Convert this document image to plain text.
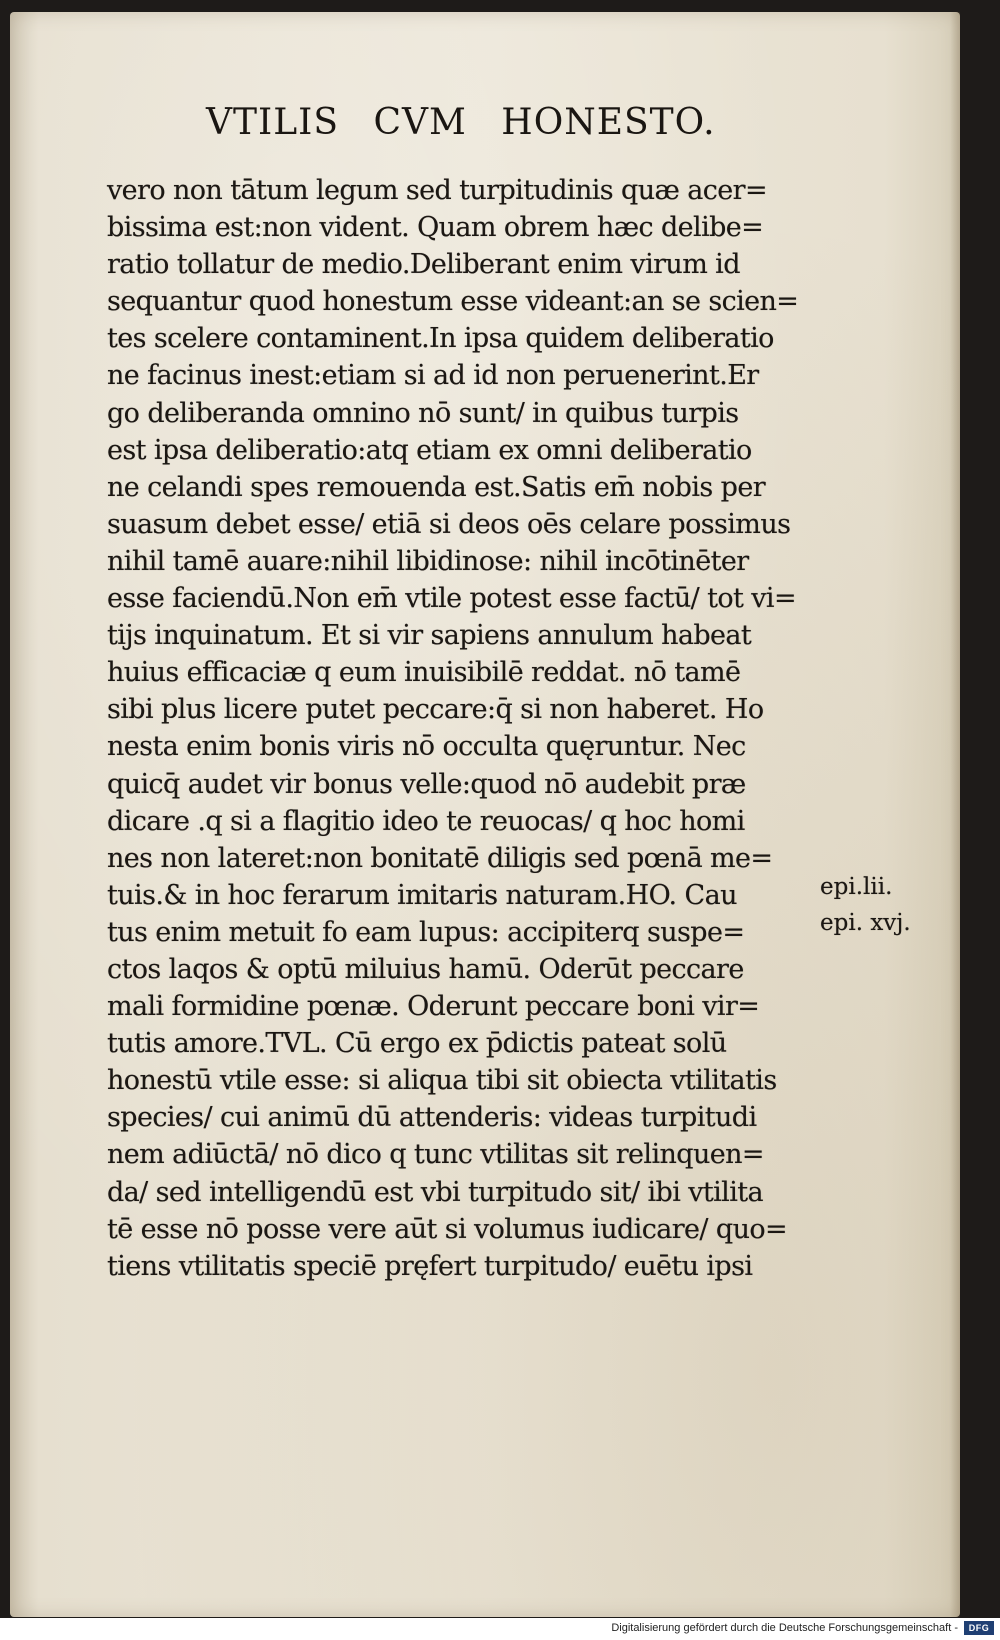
VTILIS CVM HONESTO.
vero non tātum legum sed turpitudinis quæ acer=
bissima est:non vident. Quam obrem hæc delibe=
ratio tollatur de medio.Deliberant enim virum id
sequantur quod honestum esse videant:an se scien=
tes scelere contaminent.In ipsa quidem deliberatio
ne facinus inest:etiam si ad id non peruenerint.Er
go deliberanda omnino nō sunt/ in quibus turpis
est ipsa deliberatio:atq etiam ex omni deliberatio
ne celandi spes remouenda est.Satis em̄ nobis per
suasum debet esse/ etiā si deos oēs celare possimus
nihil tamē auare:nihil libidinose: nihil incōtinēter
esse faciendū.Non em̄ vtile potest esse factū/ tot vi=
tijs inquinatum. Et si vir sapiens annulum habeat
huius efficaciæ q eum inuisibilē reddat. nō tamē
sibi plus licere putet peccare:q̄ si non haberet. Ho
nesta enim bonis viris nō occulta quęruntur. Nec
quicq̄ audet vir bonus velle:quod nō audebit præ
dicare .q si a flagitio ideo te reuocas/ q hoc homi
nes non lateret:non bonitatē diligis sed pœnā me=
tuis.& in hoc ferarum imitaris naturam.HO. Cau
tus enim metuit fo eam lupus: accipiterq suspe=
ctos laqos & optū miluius hamū. Oderūt peccare
mali formidine pœnæ. Oderunt peccare boni vir=
tutis amore.TVL. Cū ergo ex p̄dictis pateat solū
honestū vtile esse: si aliqua tibi sit obiecta vtilitatis
species/ cui animū dū attenderis: videas turpitudi
nem adiūctā/ nō dico q tunc vtilitas sit relinquen=
da/ sed intelligendū est vbi turpitudo sit/ ibi vtilita
tē esse nō posse vere aūt si volumus iudicare/ quo=
tiens vtilitatis speciē pręfert turpitudo/ euētu ipsi
epi.lii.
epi. xvj.
Digitalisierung gefördert durch die Deutsche Forschungsgemeinschaft -	DFG
